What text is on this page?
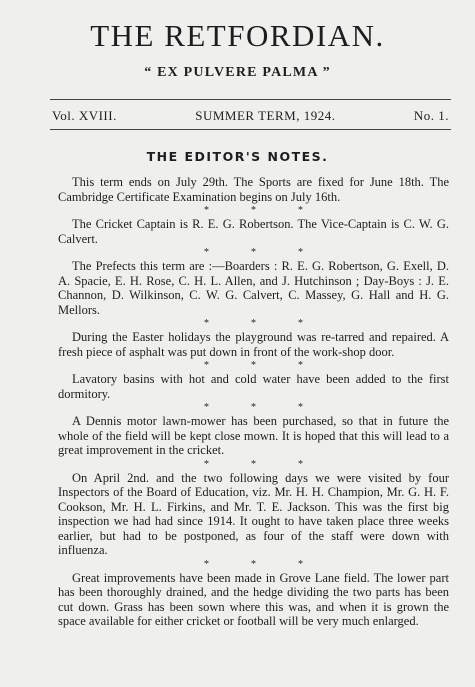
THE RETFORDIAN.
“ EX PULVERE PALMA ”
Vol. XVIII.	SUMMER TERM, 1924.	No. 1.
THE EDITOR'S NOTES.

This term ends on July 29th. The Sports are fixed for June 18th. The Cambridge Certificate Examination begins on July 16th.

*	*	*

The Cricket Captain is R. E. G. Robertson. The Vice-Captain is C. W. G. Calvert.

*	*	*

The Prefects this term are :—Boarders : R. E. G. Robertson, G. Exell, D. A. Spacie, E. H. Rose, C. H. L. Allen, and J. Hutchinson ; Day-Boys : J. E. Channon, D. Wilkinson, C. W. G. Calvert, C. Massey, G. Hall and H. G. Mellors.

*	*	*

During the Easter holidays the playground was re-tarred and repaired. A fresh piece of asphalt was put down in front of the work-shop door.

*	*	*

Lavatory basins with hot and cold water have been added to the first dormitory.

*	*	*

A Dennis motor lawn-mower has been purchased, so that in future the whole of the field will be kept close mown. It is hoped that this will lead to a great improvement in the cricket.

*	*	*

On April 2nd. and the two following days we were visited by four Inspectors of the Board of Education, viz. Mr. H. H. Champion, Mr. G. H. F. Cookson, Mr. H. L. Firkins, and Mr. T. E. Jackson. This was the first big inspection we had had since 1914. It ought to have taken place three weeks earlier, but had to be postponed, as four of the staff were down with influenza.

*	*	*

Great improvements have been made in Grove Lane field. The lower part has been thoroughly drained, and the hedge dividing the two parts has been cut down. Grass has been sown where this was, and when it is grown the space available for either cricket or football will be very much enlarged.
